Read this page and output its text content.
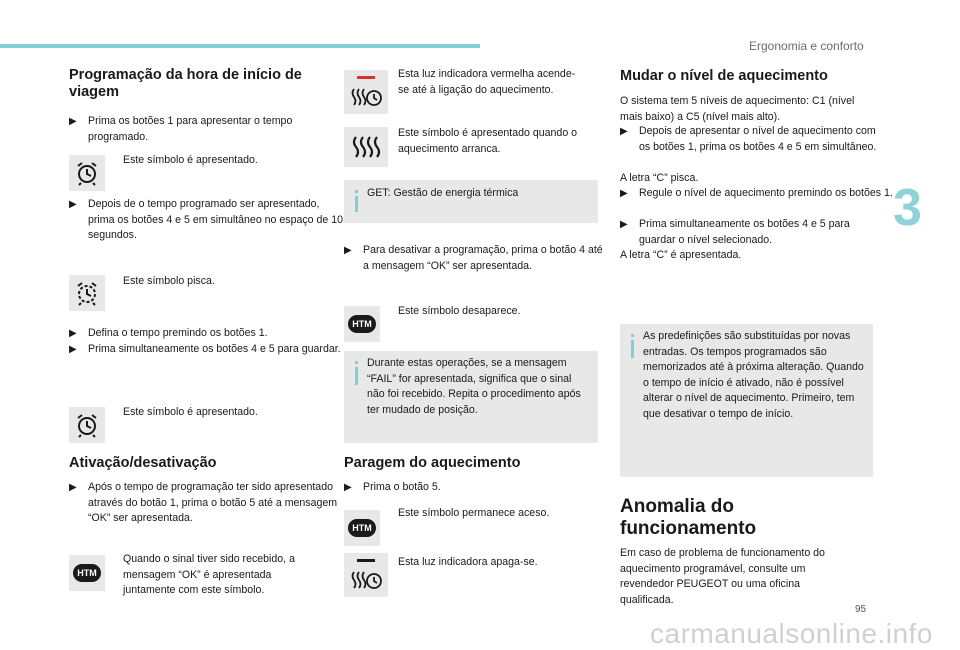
Ergonomia e conforto
3
95
carmanualsonline.info
Programação da hora de início de viagem
▶ Prima os botões 1 para apresentar o tempo programado.
Este símbolo é apresentado.
▶ Depois de o tempo programado ser apresentado, prima os botões 4 e 5 em simultâneo no espaço de 10 segundos.
Este símbolo pisca.
▶ Defina o tempo premindo os botões 1.
▶ Prima simultaneamente os botões 4 e 5 para guardar.
Este símbolo é apresentado.
Ativação/desativação
▶ Após o tempo de programação ter sido apresentado através do botão 1, prima o botão 5 até a mensagem “OK” ser apresentada.
HTM
Quando o sinal tiver sido recebido, a mensagem “OK” é apresentada juntamente com este símbolo.
Esta luz indicadora vermelha acende-se até à ligação do aquecimento.
Este símbolo é apresentado quando o aquecimento arranca.
GET: Gestão de energia térmica
▶ Para desativar a programação, prima o botão 4 até a mensagem “OK” ser apresentada.
HTM
Este símbolo desaparece.
Durante estas operações, se a mensagem “FAIL” for apresentada, significa que o sinal não foi recebido. Repita o procedimento após ter mudado de posição.
Paragem do aquecimento
▶ Prima o botão 5.
HTM
Este símbolo permanece aceso.
Esta luz indicadora apaga-se.
Mudar o nível de aquecimento
O sistema tem 5 níveis de aquecimento: C1 (nível mais baixo) a C5 (nível mais alto).
▶ Depois de apresentar o nível de aquecimento com os botões 1, prima os botões 4 e 5 em simultâneo.
A letra “C” pisca.
▶ Regule o nível de aquecimento premindo os botões 1.
▶ Prima simultaneamente os botões 4 e 5 para guardar o nível selecionado.
A letra “C” é apresentada.
As predefinições são substituídas por novas entradas. Os tempos programados são memorizados até à próxima alteração. Quando o tempo de início é ativado, não é possível alterar o nível de aquecimento. Primeiro, tem que desativar o tempo de início.
Anomalia do funcionamento
Em caso de problema de funcionamento do aquecimento programável, consulte um revendedor PEUGEOT ou uma oficina qualificada.
